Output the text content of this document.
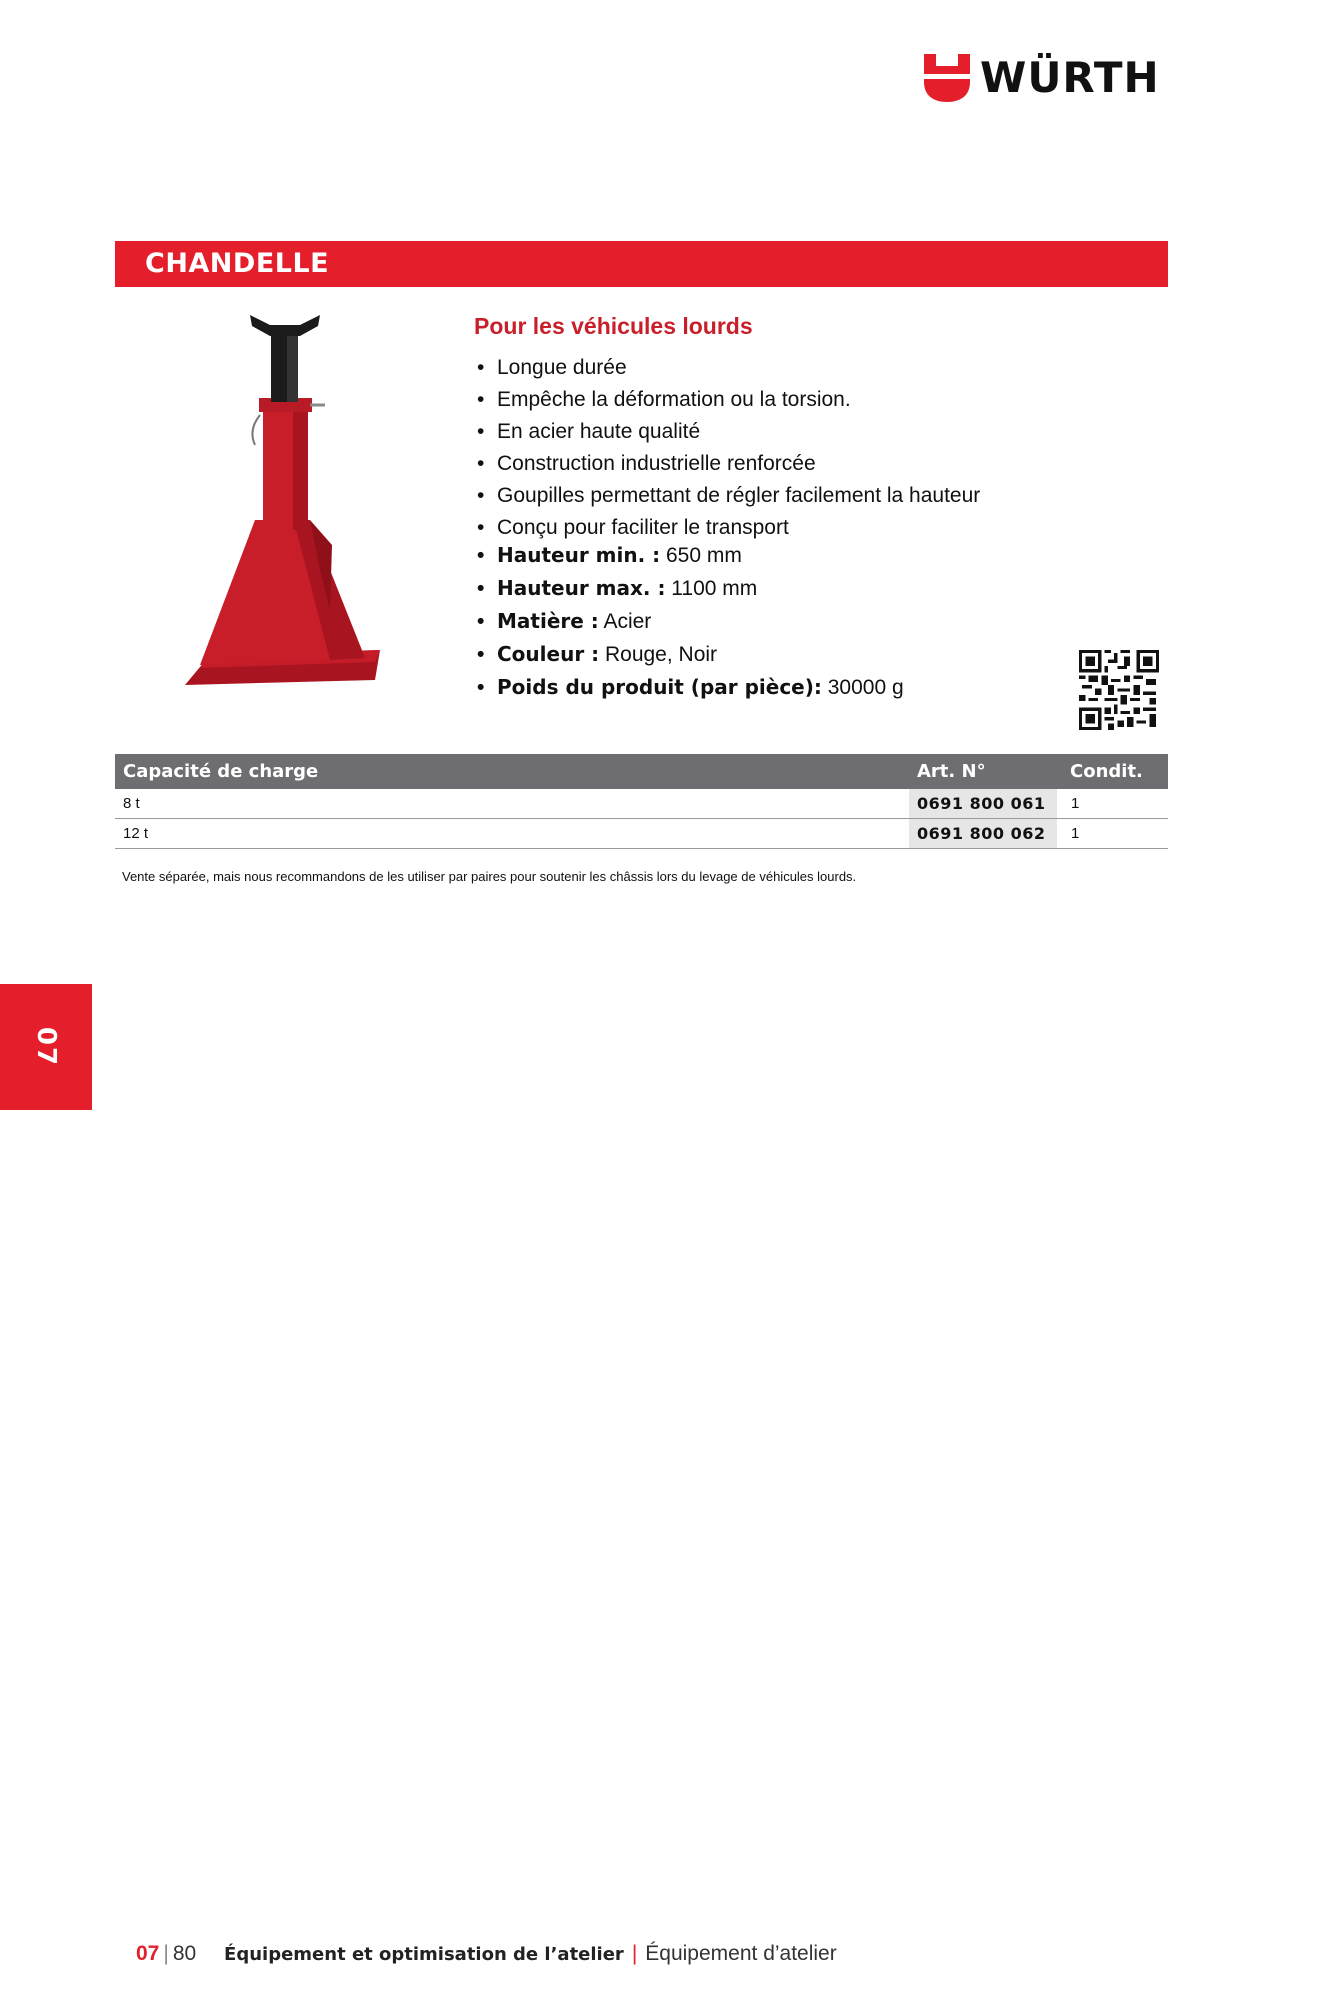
WÜRTH
CHANDELLE
Pour les véhicules lourds
• Longue durée
• Empêche la déformation ou la torsion.
• En acier haute qualité
• Construction industrielle renforcée
• Goupilles permettant de régler facilement la hauteur
• Conçu pour faciliter le transport
• Hauteur min. : 650 mm
• Hauteur max. : 1100 mm
• Matière : Acier
• Couleur : Rouge, Noir
• Poids du produit (par pièce): 30000 g
Capacité de charge	Art. N°	Condit.
8 t	0691 800 061	1
12 t	0691 800 062	1
Vente séparée, mais nous recommandons de les utiliser par paires pour soutenir les châssis lors du levage de véhicules lourds.
07
07 | 80 Équipement et optimisation de l’atelier | Équipement d’atelier
